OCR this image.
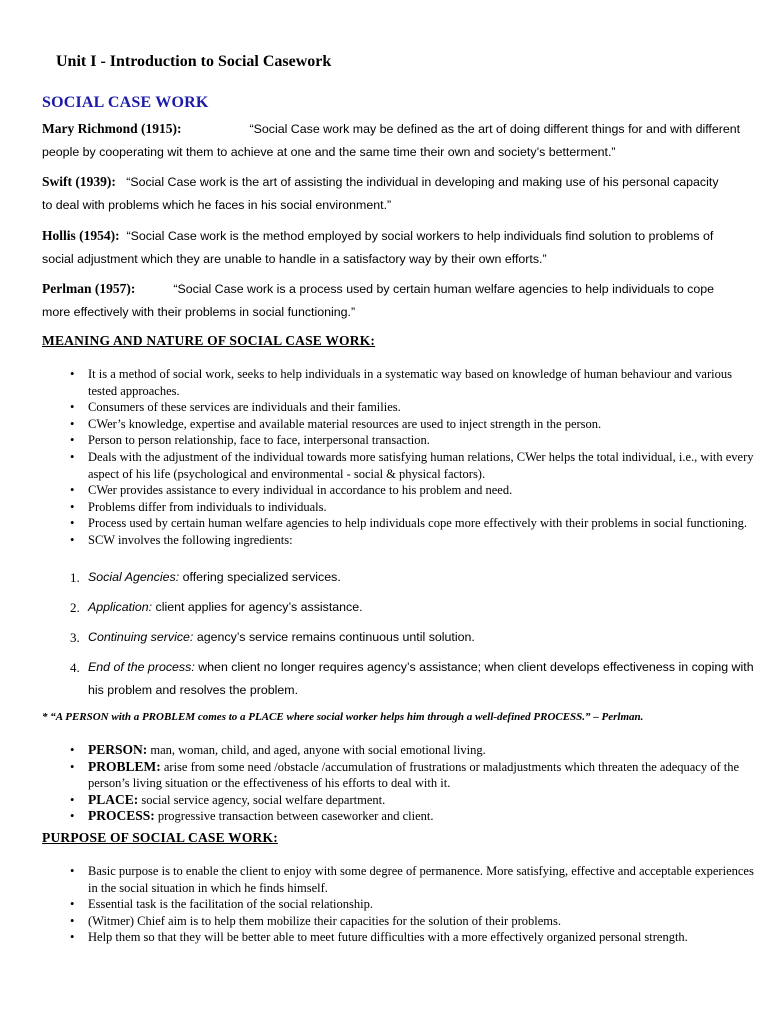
Unit I - Introduction to Social Casework
SOCIAL CASE WORK
Mary Richmond (1915):	“Social Case work may be defined as the art of doing different things for and with different
people by cooperating wit them to achieve at one and the same time their own and society’s betterment.”
Swift (1939): “Social Case work is the art of assisting the individual in developing and making use of his personal capacity
to deal with problems which he faces in his social environment.”
Hollis (1954): “Social Case work is the method employed by social workers to help individuals find solution to problems of
social adjustment which they are unable to handle in a satisfactory way by their own efforts.”
Perlman (1957):	“Social Case work is a process used by certain human welfare agencies to help individuals to cope
more effectively with their problems in social functioning.”
MEANING AND NATURE OF SOCIAL CASE WORK:
• It is a method of social work, seeks to help individuals in a systematic way based on knowledge of human behaviour and various tested approaches.
• Consumers of these services are individuals and their families.
• CWer’s knowledge, expertise and available material resources are used to inject strength in the person.
• Person to person relationship, face to face, interpersonal transaction.
• Deals with the adjustment of the individual towards more satisfying human relations, CWer helps the total individual, i.e., with every aspect of his life (psychological and environmental - social & physical factors).
• CWer provides assistance to every individual in accordance to his problem and need.
• Problems differ from individuals to individuals.
• Process used by certain human welfare agencies to help individuals cope more effectively with their problems in social functioning.
• SCW involves the following ingredients:
1. Social Agencies: offering specialized services.
2. Application: client applies for agency’s assistance.
3. Continuing service: agency’s service remains continuous until solution.
4. End of the process: when client no longer requires agency’s assistance; when client develops effectiveness in coping with his problem and resolves the problem.
* “A PERSON with a PROBLEM comes to a PLACE where social worker helps him through a well-defined PROCESS.” – Perlman.
• PERSON: man, woman, child, and aged, anyone with social emotional living.
• PROBLEM: arise from some need /obstacle /accumulation of frustrations or maladjustments which threaten the adequacy of the person’s living situation or the effectiveness of his efforts to deal with it.
• PLACE: social service agency, social welfare department.
• PROCESS: progressive transaction between caseworker and client.
PURPOSE OF SOCIAL CASE WORK:
• Basic purpose is to enable the client to enjoy with some degree of permanence. More satisfying, effective and acceptable experiences in the social situation in which he finds himself.
• Essential task is the facilitation of the social relationship.
• (Witmer) Chief aim is to help them mobilize their capacities for the solution of their problems.
• Help them so that they will be better able to meet future difficulties with a more effectively organized personal strength.
